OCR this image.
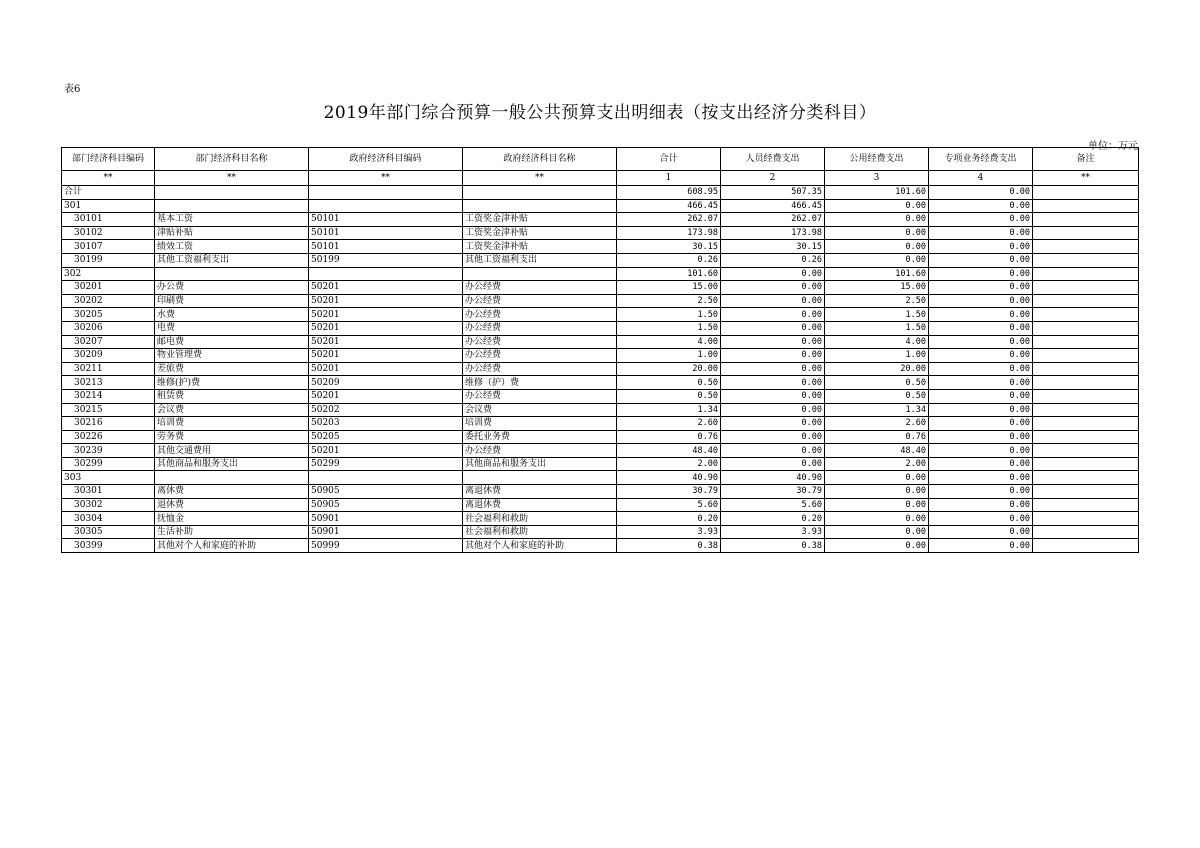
表6
2019年部门综合预算一般公共预算支出明细表（按支出经济分类科目）
单位：万元
部门经济科目编码	部门经济科目名称	政府经济科目编码	政府经济科目名称	合计	人员经费支出	公用经费支出	专项业务经费支出	备注
**	**	**	**	1	2	3	4	**
合计				608.95	507.35	101.60	0.00	
301				466.45	466.45	0.00	0.00	
30101	基本工资	50101	工资奖金津补贴	262.07	262.07	0.00	0.00	
30102	津贴补贴	50101	工资奖金津补贴	173.98	173.98	0.00	0.00	
30107	绩效工资	50101	工资奖金津补贴	30.15	30.15	0.00	0.00	
30199	其他工资福利支出	50199	其他工资福利支出	0.26	0.26	0.00	0.00	
302				101.60	0.00	101.60	0.00	
30201	办公费	50201	办公经费	15.00	0.00	15.00	0.00	
30202	印刷费	50201	办公经费	2.50	0.00	2.50	0.00	
30205	水费	50201	办公经费	1.50	0.00	1.50	0.00	
30206	电费	50201	办公经费	1.50	0.00	1.50	0.00	
30207	邮电费	50201	办公经费	4.00	0.00	4.00	0.00	
30209	物业管理费	50201	办公经费	1.00	0.00	1.00	0.00	
30211	差旅费	50201	办公经费	20.00	0.00	20.00	0.00	
30213	维修(护)费	50209	维修（护）费	0.50	0.00	0.50	0.00	
30214	租赁费	50201	办公经费	0.50	0.00	0.50	0.00	
30215	会议费	50202	会议费	1.34	0.00	1.34	0.00	
30216	培训费	50203	培训费	2.60	0.00	2.60	0.00	
30226	劳务费	50205	委托业务费	0.76	0.00	0.76	0.00	
30239	其他交通费用	50201	办公经费	48.40	0.00	48.40	0.00	
30299	其他商品和服务支出	50299	其他商品和服务支出	2.00	0.00	2.00	0.00	
303				40.90	40.90	0.00	0.00	
30301	离休费	50905	离退休费	30.79	30.79	0.00	0.00	
30302	退休费	50905	离退休费	5.60	5.60	0.00	0.00	
30304	抚恤金	50901	社会福利和救助	0.20	0.20	0.00	0.00	
30305	生活补助	50901	社会福利和救助	3.93	3.93	0.00	0.00	
30399	其他对个人和家庭的补助	50999	其他对个人和家庭的补助	0.38	0.38	0.00	0.00	
